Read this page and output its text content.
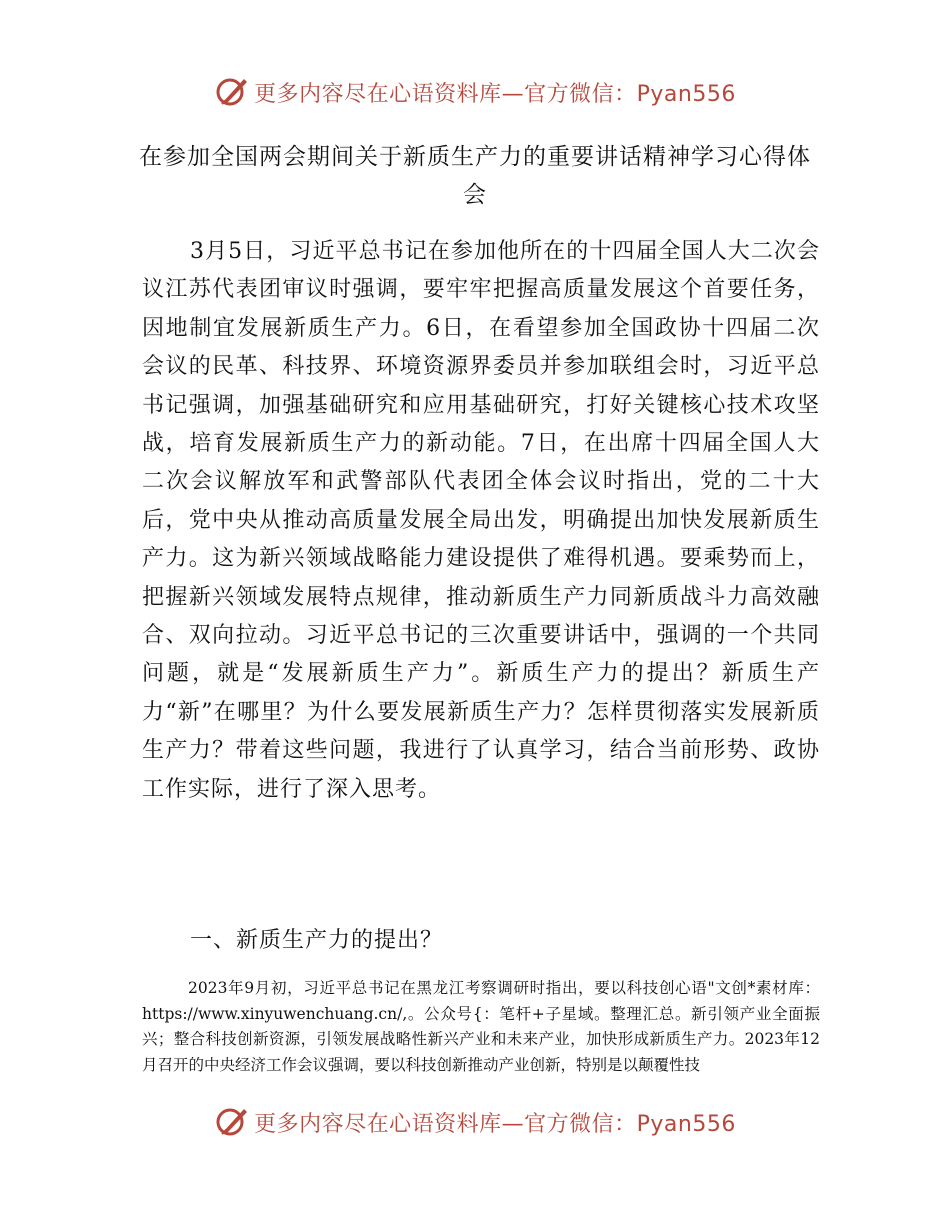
更多内容尽在心语资料库—官方微信：Pyan556
在参加全国两会期间关于新质生产力的重要讲话精神学习心得体会

3月5日，习近平总书记在参加他所在的十四届全国人大二次会议江苏代表团审议时强调，要牢牢把握高质量发展这个首要任务，因地制宜发展新质生产力。6日，在看望参加全国政协十四届二次会议的民革、科技界、环境资源界委员并参加联组会时，习近平总书记强调，加强基础研究和应用基础研究，打好关键核心技术攻坚战，培育发展新质生产力的新动能。7日，在出席十四届全国人大二次会议解放军和武警部队代表团全体会议时指出，党的二十大后，党中央从推动高质量发展全局出发，明确提出加快发展新质生产力。这为新兴领域战略能力建设提供了难得机遇。要乘势而上，把握新兴领域发展特点规律，推动新质生产力同新质战斗力高效融合、双向拉动。习近平总书记的三次重要讲话中，强调的一个共同问题，就是“发展新质生产力”。新质生产力的提出？新质生产力“新”在哪里？为什么要发展新质生产力？怎样贯彻落实发展新质生产力？带着这些问题，我进行了认真学习，结合当前形势、政协工作实际，进行了深入思考。

一、新质生产力的提出？

2023年9月初，习近平总书记在黑龙江考察调研时指出，要以科技创心语"文创*素材库：https://www.xinyuwenchuang.cn/,。公众号{：笔杆+子星域。整理汇总。新引领产业全面振兴；整合科技创新资源，引领发展战略性新兴产业和未来产业，加快形成新质生产力。2023年12月召开的中央经济工作会议强调，要以科技创新推动产业创新，特别是以颠覆性技

更多内容尽在心语资料库—官方微信：Pyan556
